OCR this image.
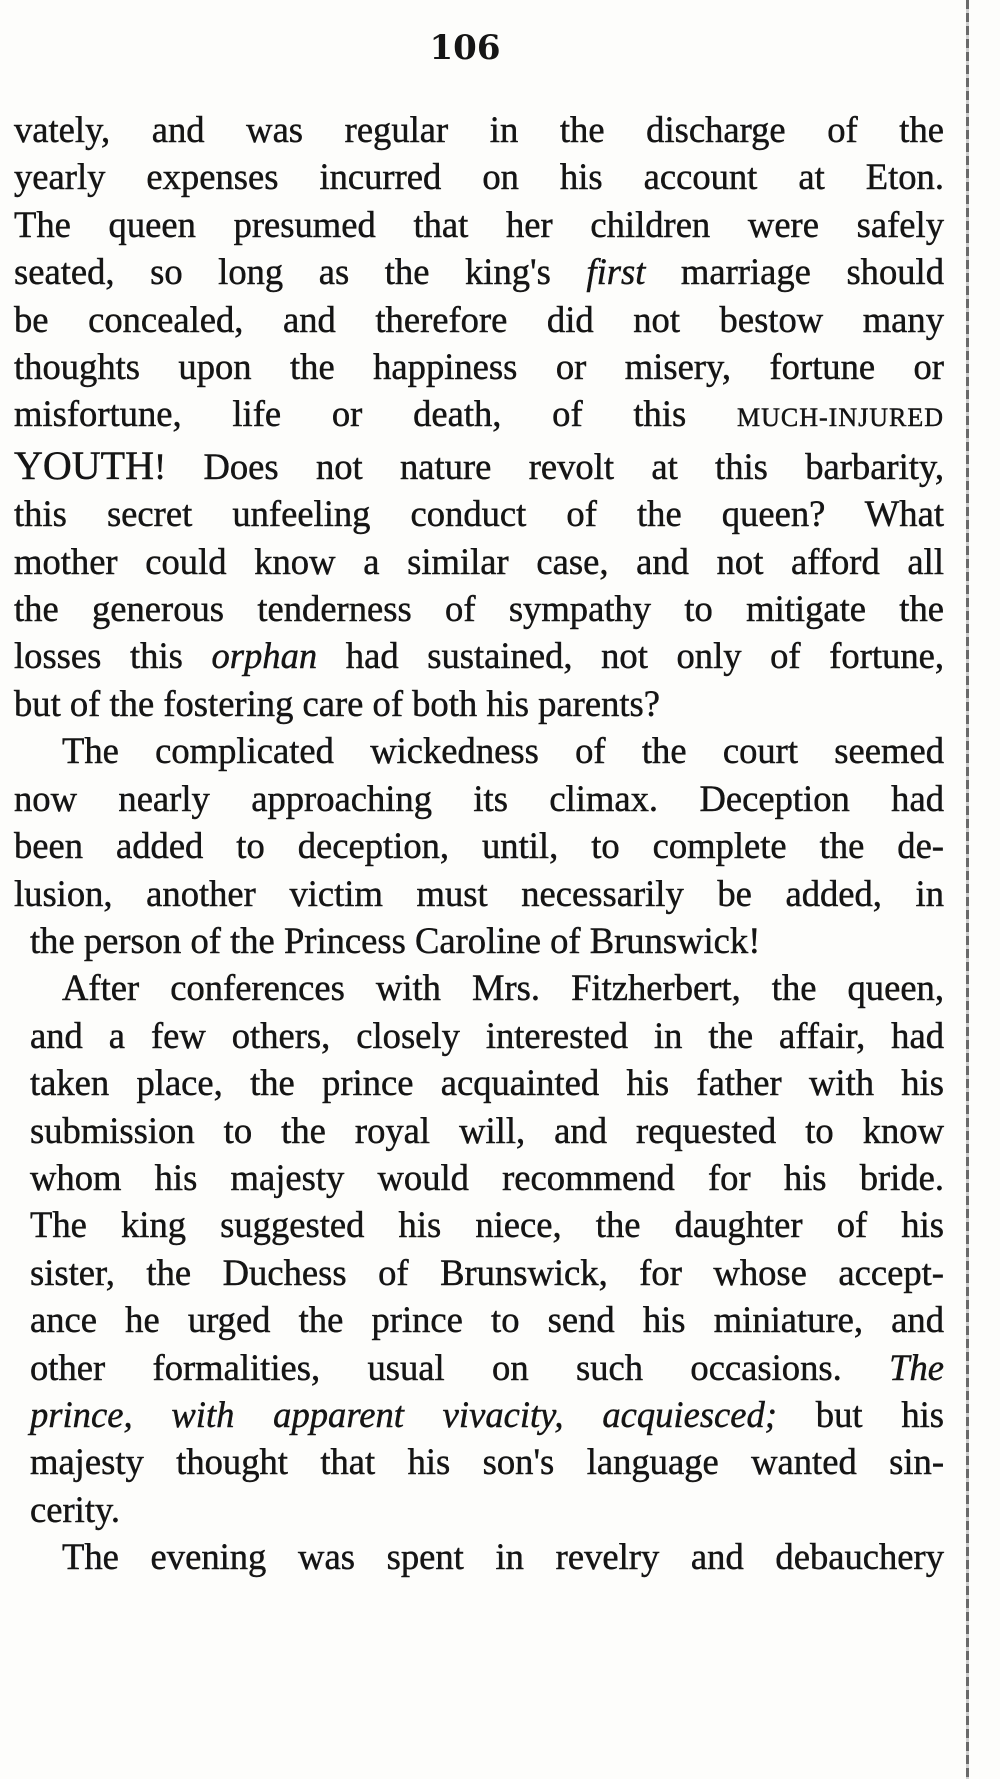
106
vately, and was regular in the discharge of the
yearly expenses incurred on his account at Eton.
The queen presumed that her children were safely
seated, so long as the king's first marriage should
be concealed, and therefore did not bestow many
thoughts upon the happiness or misery, fortune or
misfortune, life or death, of this MUCH-INJURED
YOUTH! Does not nature revolt at this barbarity,
this secret unfeeling conduct of the queen? What
mother could know a similar case, and not afford all
the generous tenderness of sympathy to mitigate the
losses this orphan had sustained, not only of fortune,
but of the fostering care of both his parents?
The complicated wickedness of the court seemed
now nearly approaching its climax. Deception had
been added to deception, until, to complete the de-
lusion, another victim must necessarily be added, in
the person of the Princess Caroline of Brunswick!
After conferences with Mrs. Fitzherbert, the queen,
and a few others, closely interested in the affair, had
taken place, the prince acquainted his father with his
submission to the royal will, and requested to know
whom his majesty would recommend for his bride.
The king suggested his niece, the daughter of his
sister, the Duchess of Brunswick, for whose accept-
ance he urged the prince to send his miniature, and
other formalities, usual on such occasions. The
prince, with apparent vivacity, acquiesced; but his
majesty thought that his son's language wanted sin-
cerity.
The evening was spent in revelry and debauchery
